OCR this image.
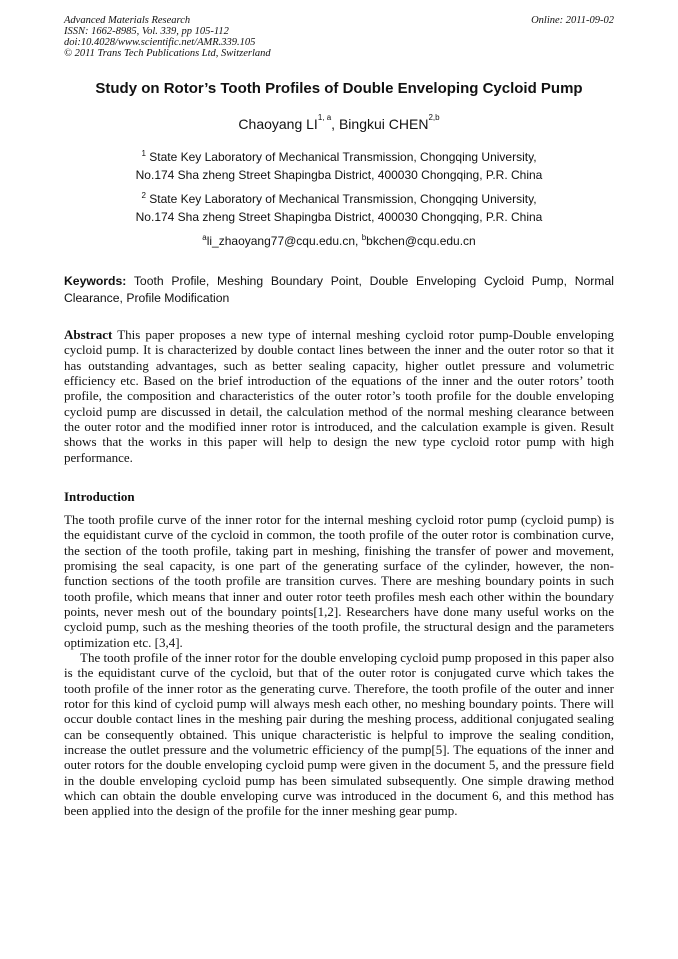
Advanced Materials Research
ISSN: 1662-8985, Vol. 339, pp 105-112
doi:10.4028/www.scientific.net/AMR.339.105
© 2011 Trans Tech Publications Ltd, Switzerland
Online: 2011-09-02
Study on Rotor’s Tooth Profiles of Double Enveloping Cycloid Pump
Chaoyang LI$^{1, a}$, Bingkui CHEN$^{2,b}$
$^1$ State Key Laboratory of Mechanical Transmission, Chongqing University,
No.174 Sha zheng Street Shapingba District, 400030 Chongqing, P.R. China
$^2$ State Key Laboratory of Mechanical Transmission, Chongqing University,
No.174 Sha zheng Street Shapingba District, 400030 Chongqing, P.R. China
$^a$li_zhaoyang77@cqu.edu.cn, $^b$bkchen@cqu.edu.cn
Keywords: Tooth Profile, Meshing Boundary Point, Double Enveloping Cycloid Pump, Normal Clearance, Profile Modification
Abstract This paper proposes a new type of internal meshing cycloid rotor pump-Double enveloping cycloid pump. It is characterized by double contact lines between the inner and the outer rotor so that it has outstanding advantages, such as better sealing capacity, higher outlet pressure and volumetric efficiency etc. Based on the brief introduction of the equations of the inner and the outer rotors’ tooth profile, the composition and characteristics of the outer rotor’s tooth profile for the double enveloping cycloid pump are discussed in detail, the calculation method of the normal meshing clearance between the outer rotor and the modified inner rotor is introduced, and the calculation example is given. Result shows that the works in this paper will help to design the new type cycloid rotor pump with high performance.
Introduction
The tooth profile curve of the inner rotor for the internal meshing cycloid rotor pump (cycloid pump) is the equidistant curve of the cycloid in common, the tooth profile of the outer rotor is combination curve, the section of the tooth profile, taking part in meshing, finishing the transfer of power and movement, promising the seal capacity, is one part of the generating surface of the cylinder, however, the non-function sections of the tooth profile are transition curves. There are meshing boundary points in such tooth profile, which means that inner and outer rotor teeth profiles mesh each other within the boundary points, never mesh out of the boundary points[1,2]. Researchers have done many useful works on the cycloid pump, such as the meshing theories of the tooth profile, the structural design and the parameters optimization etc. [3,4].
The tooth profile of the inner rotor for the double enveloping cycloid pump proposed in this paper also is the equidistant curve of the cycloid, but that of the outer rotor is conjugated curve which takes the tooth profile of the inner rotor as the generating curve. Therefore, the tooth profile of the outer and inner rotor for this kind of cycloid pump will always mesh each other, no meshing boundary points. There will occur double contact lines in the meshing pair during the meshing process, additional conjugated sealing can be consequently obtained. This unique characteristic is helpful to improve the sealing condition, increase the outlet pressure and the volumetric efficiency of the pump[5]. The equations of the inner and outer rotors for the double enveloping cycloid pump were given in the document 5, and the pressure field in the double enveloping cycloid pump has been simulated subsequently. One simple drawing method which can obtain the double enveloping curve was introduced in the document 6, and this method has been applied into the design of the profile for the inner meshing gear pump.
